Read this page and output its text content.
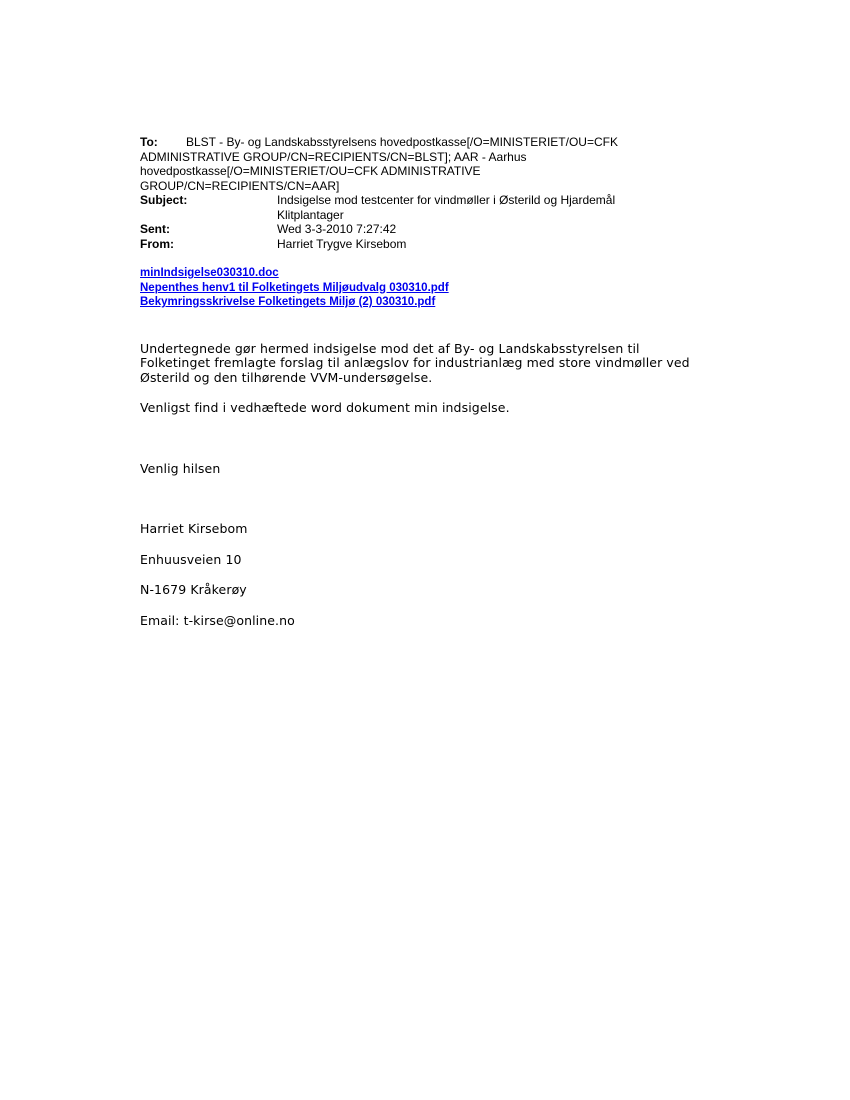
To: BLST - By- og Landskabsstyrelsens hovedpostkasse[/O=MINISTERIET/OU=CFK ADMINISTRATIVE GROUP/CN=RECIPIENTS/CN=BLST]; AAR - Aarhus hovedpostkasse[/O=MINISTERIET/OU=CFK ADMINISTRATIVE GROUP/CN=RECIPIENTS/CN=AAR]
Subject:	Indsigelse mod testcenter for vindmøller i Østerild og Hjardemål Klitplantager
Sent:	Wed 3-3-2010 7:27:42
From:	Harriet Trygve Kirsebom
minIndsigelse030310.doc
Nepenthes henv1 til Folketingets Miljøudvalg 030310.pdf
Bekymringsskrivelse Folketingets Miljø (2) 030310.pdf

Undertegnede gør hermed indsigelse mod det af By- og Landskabsstyrelsen til Folketinget fremlagte forslag til anlægslov for industrianlæg med store vindmøller ved Østerild og den tilhørende VVM-undersøgelse.

Venligst find i vedhæftede word dokument min indsigelse.

Venlig hilsen

Harriet Kirsebom

Enhuusveien 10

N-1679 Kråkerøy

Email: t-kirse@online.no
